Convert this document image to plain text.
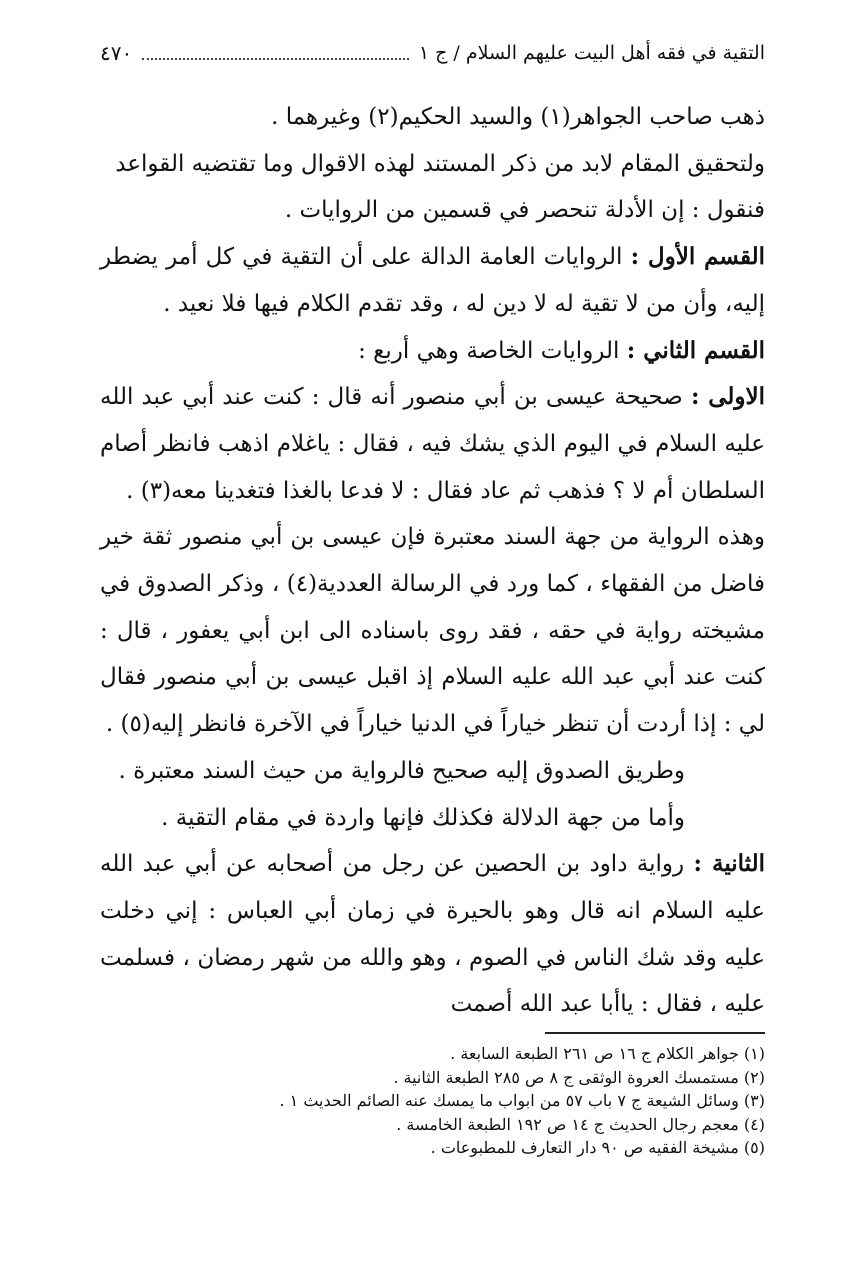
التقية في فقه أهل البيت عليهم السلام / ج ١
٤٧٠

ذهب صاحب الجواهر(١) والسيد الحكيم(٢) وغيرهما .

ولتحقيق المقام لابد من ذكر المستند لهذه الاقوال وما تقتضيه القواعد

فنقول : إن الأدلة تنحصر في قسمين من الروايات .

القسم الأول : الروايات العامة الدالة على أن التقية في كل أمر يضطر إليه، وأن من لا تقية له لا دين له ، وقد تقدم الكلام فيها فلا نعيد .

القسم الثاني : الروايات الخاصة وهي أربع :

الاولى : صحيحة عيسى بن أبي منصور أنه قال : كنت عند أبي عبد الله عليه السلام في اليوم الذي يشك فيه ، فقال : ياغلام اذهب فانظر أصام السلطان أم لا ؟ فذهب ثم عاد فقال : لا فدعا بالغذا فتغدينا معه(٣) .

وهذه الرواية من جهة السند معتبرة فإن عيسى بن أبي منصور ثقة خير فاضل من الفقهاء ، كما ورد في الرسالة العددية(٤) ، وذكر الصدوق في مشيخته رواية في حقه ، فقد روى باسناده الى ابن أبي يعفور ، قال : كنت عند أبي عبد الله عليه السلام إذ اقبل عيسى بن أبي منصور فقال لي : إذا أردت أن تنظر خياراً في الدنيا خياراً في الآخرة فانظر إليه(٥) .

وطريق الصدوق إليه صحيح فالرواية من حيث السند معتبرة .

وأما من جهة الدلالة فكذلك فإنها واردة في مقام التقية .

الثانية : رواية داود بن الحصين عن رجل من أصحابه عن أبي عبد الله عليه السلام انه قال وهو بالحيرة في زمان أبي العباس : إني دخلت عليه وقد شك الناس في الصوم ، وهو والله من شهر رمضان ، فسلمت عليه ، فقال : ياأبا عبد الله أصمت

(١) جواهر الكلام ج ١٦ ص ٢٦١ الطبعة السابعة .
(٢) مستمسك العروة الوثقى ج ٨ ص ٢٨٥ الطبعة الثانية .
(٣) وسائل الشيعة ج ٧ باب ٥٧ من ابواب ما يمسك عنه الصائم الحديث ١ .
(٤) معجم رجال الحديث ج ١٤ ص ١٩٢ الطبعة الخامسة .
(٥) مشيخة الفقيه ص ٩٠ دار التعارف للمطبوعات .
